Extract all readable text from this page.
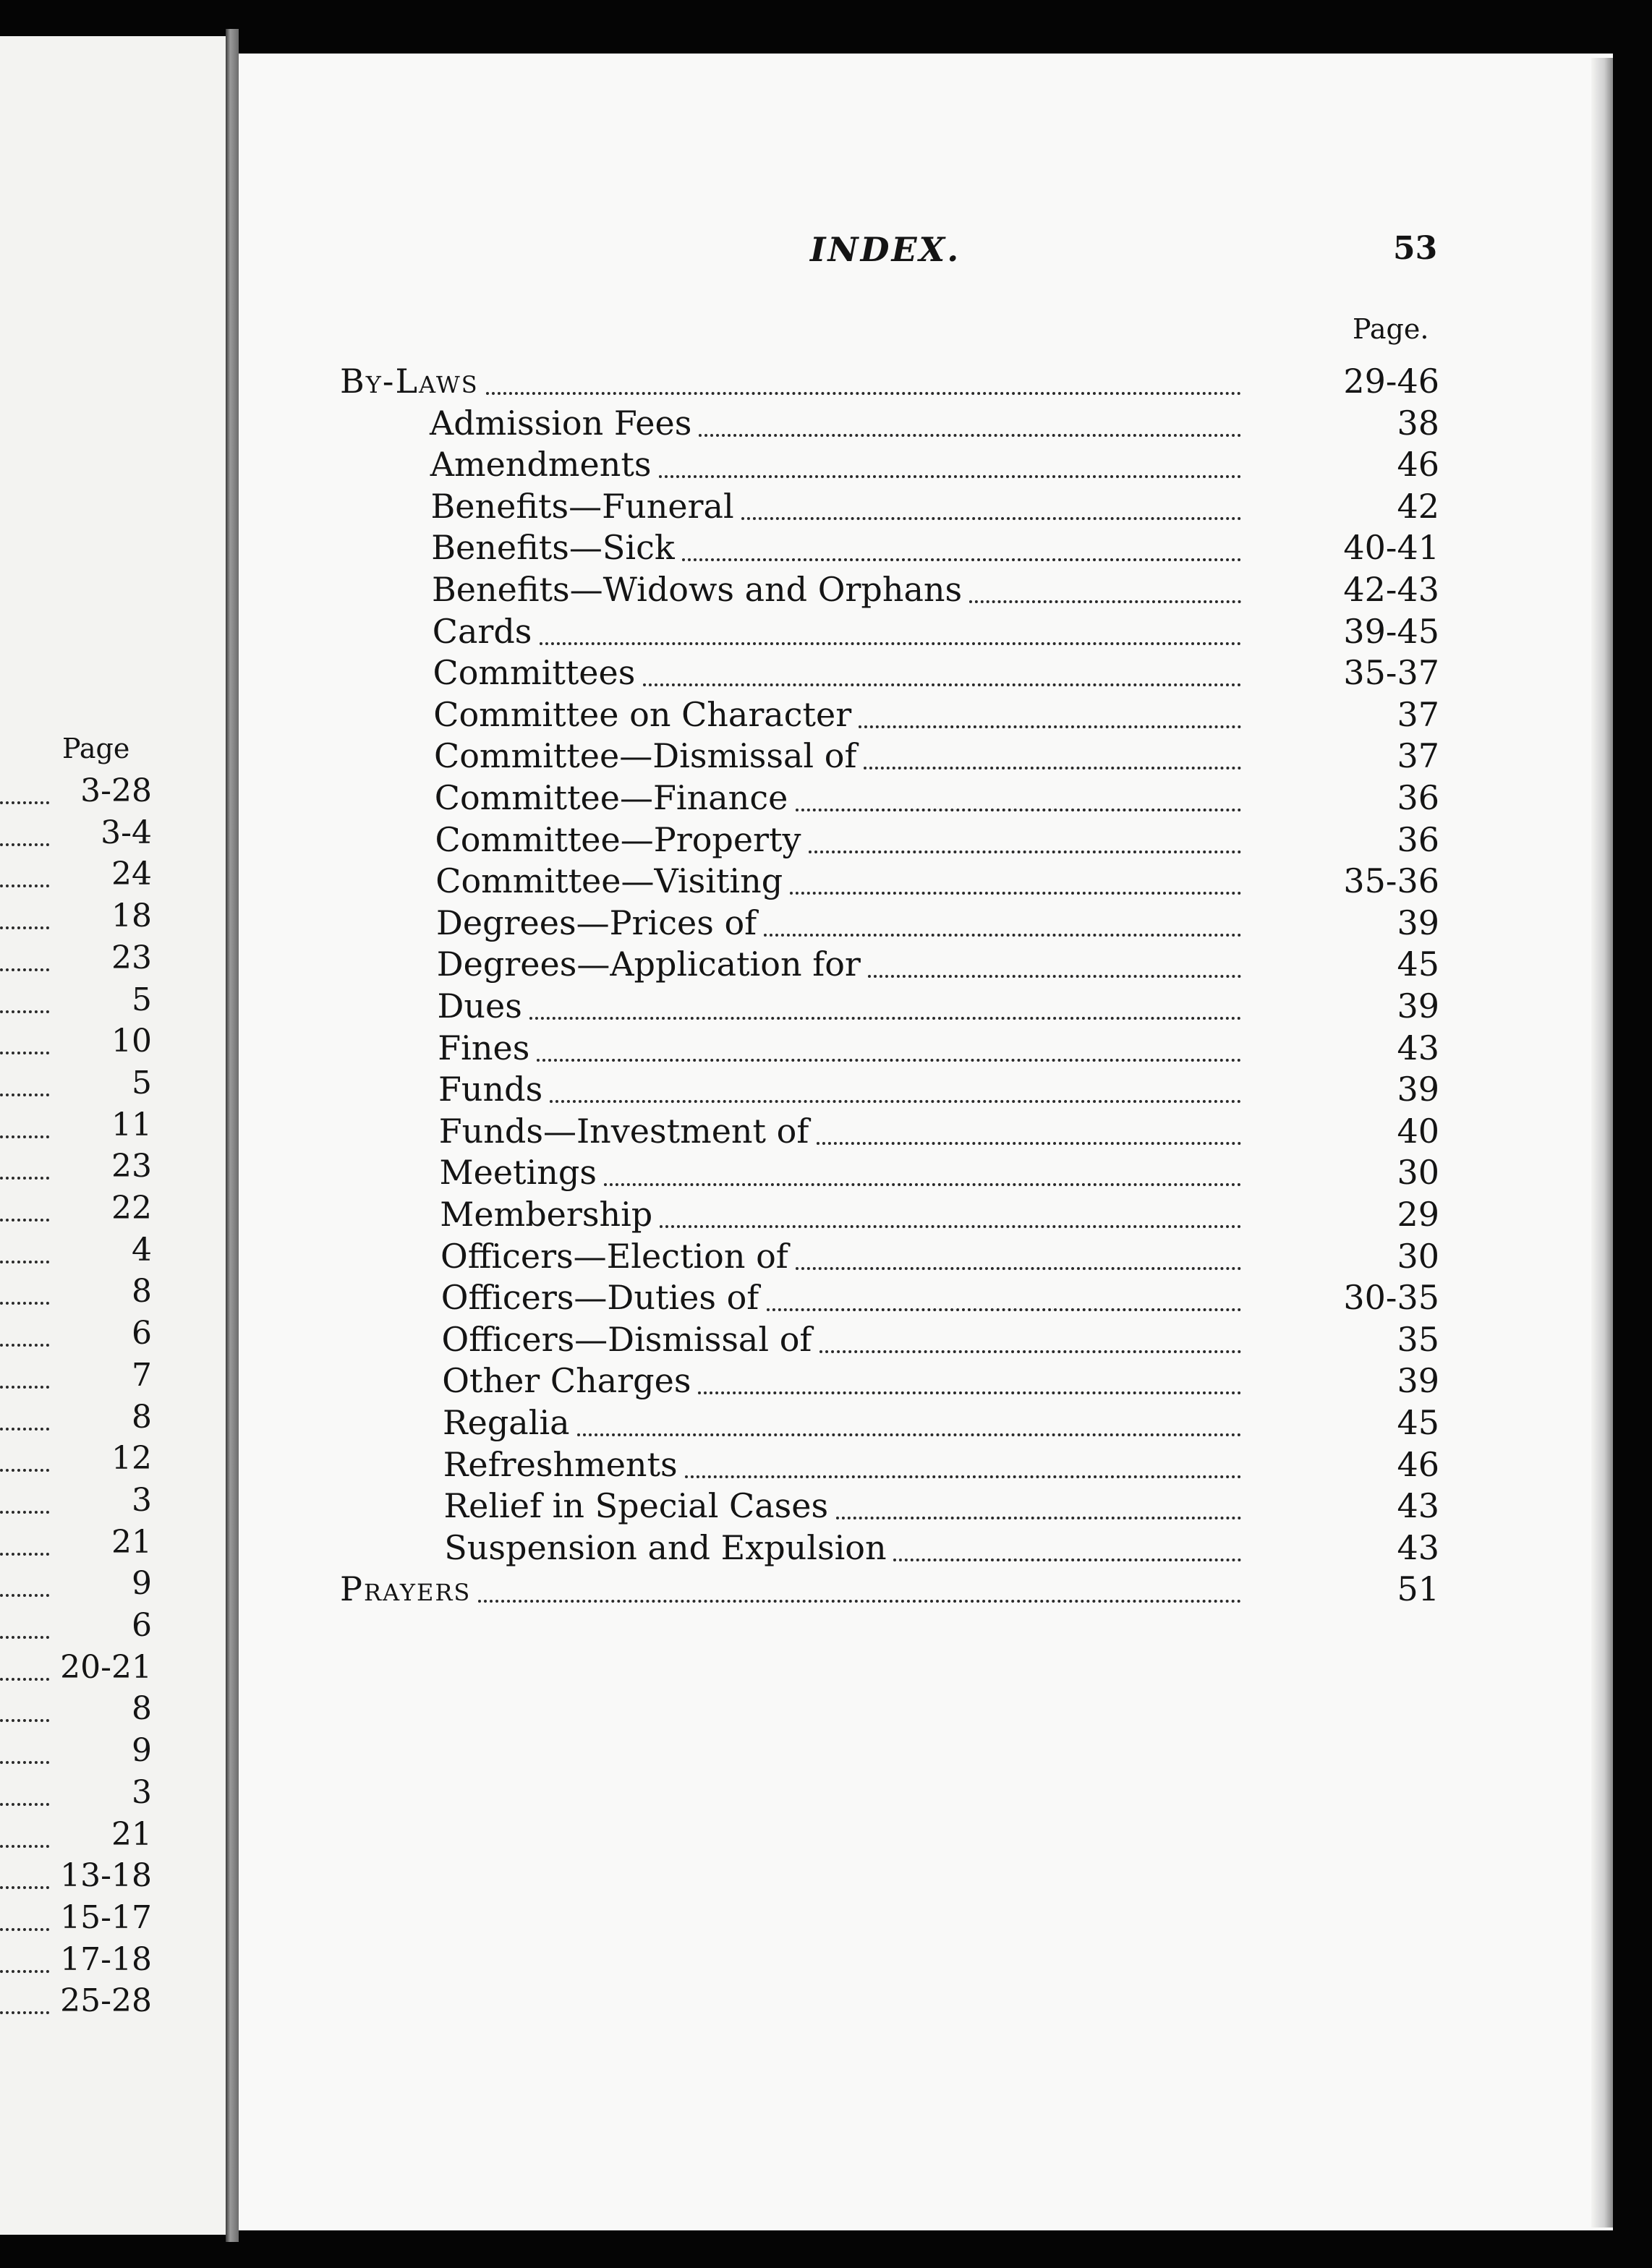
INDEX.	53
Page.
Page
By-Laws	29-46
Admission Fees	38
Amendments	46
Benefits—Funeral	42
Benefits—Sick	40-41
Benefits—Widows and Orphans	42-43
Cards	39-45
Committees	35-37
Committee on Character	37
Committee—Dismissal of	37
Committee—Finance	36
Committee—Property	36
Committee—Visiting	35-36
Degrees—Prices of	39
Degrees—Application for	45
Dues	39
Fines	43
Funds	39
Funds—Investment of	40
Meetings	30
Membership	29
Officers—Election of	30
Officers—Duties of	30-35
Officers—Dismissal of	35
Other Charges	39
Regalia	45
Refreshments	46
Relief in Special Cases	43
Suspension and Expulsion	43
Prayers	51
3-28
3-4
24
18
23
5
10
5
11
23
22
4
8
6
7
8
12
3
21
9
6
20-21
8
9
3
21
13-18
15-17
17-18
25-28
